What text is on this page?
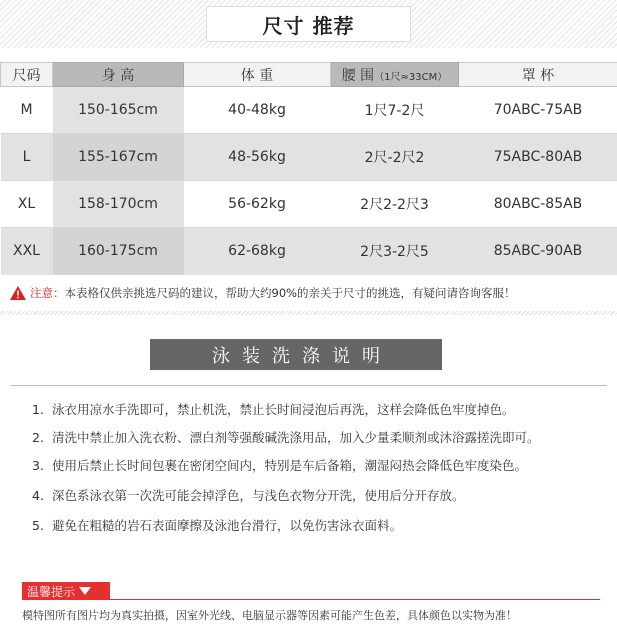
尺寸 推荐
尺码	身 高	体 重	腰 围（1尺≈33CM）	罩 杯
M	150-165cm	40-48kg	1尺7-2尺	70ABC-75AB
L	155-167cm	48-56kg	2尺-2尺2	75ABC-80AB
XL	158-170cm	56-62kg	2尺2-2尺3	80ABC-85AB
XXL	160-175cm	62-68kg	2尺3-2尺5	85ABC-90AB
注意： 本表格仅供亲挑选尺码的建议，帮助大约90%的亲关于尺寸的挑选，有疑问请咨询客服！
泳装洗涤说明
1. 泳衣用凉水手洗即可，禁止机洗，禁止长时间浸泡后再洗，这样会降低色牢度掉色。
2. 清洗中禁止加入洗衣粉、漂白剂等强酸碱洗涤用品，加入少量柔顺剂或沐浴露搓洗即可。
3. 使用后禁止长时间包裹在密闭空间内，特别是车后备箱，潮湿闷热会降低色牢度染色。
4. 深色系泳衣第一次洗可能会掉浮色，与浅色衣物分开洗，使用后分开存放。
5. 避免在粗糙的岩石表面摩擦及泳池台滑行，以免伤害泳衣面料。
温馨提示
模特图所有图片均为真实拍摄，因室外光线、电脑显示器等因素可能产生色差，具体颜色以实物为准！
